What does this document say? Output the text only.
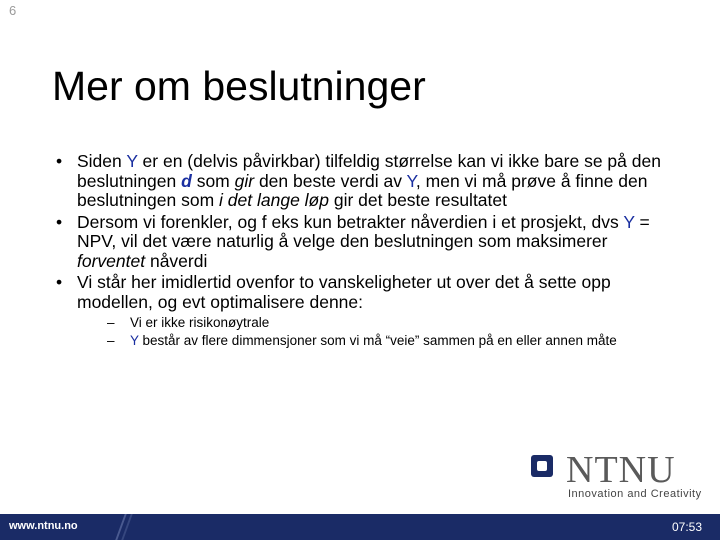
6
Mer om beslutninger
• Siden Y er en (delvis påvirkbar) tilfeldig størrelse kan vi ikke bare se på den beslutningen d som gir den beste verdi av Y, men vi må prøve å finne den beslutningen som i det lange løp gir det beste resultatet
• Dersom vi forenkler, og f eks kun betrakter nåverdien i et prosjekt, dvs Y = NPV, vil det være naturlig å velge den beslutningen som maksimerer forventet nåverdi
• Vi står her imidlertid ovenfor to vanskeligheter ut over det å sette opp modellen, og evt optimalisere denne:
– Vi er ikke risikonøytrale
– Y består av flere dimmensjoner som vi må “veie” sammen på en eller annen måte
NTNU
Innovation and Creativity
www.ntnu.no	07:53
